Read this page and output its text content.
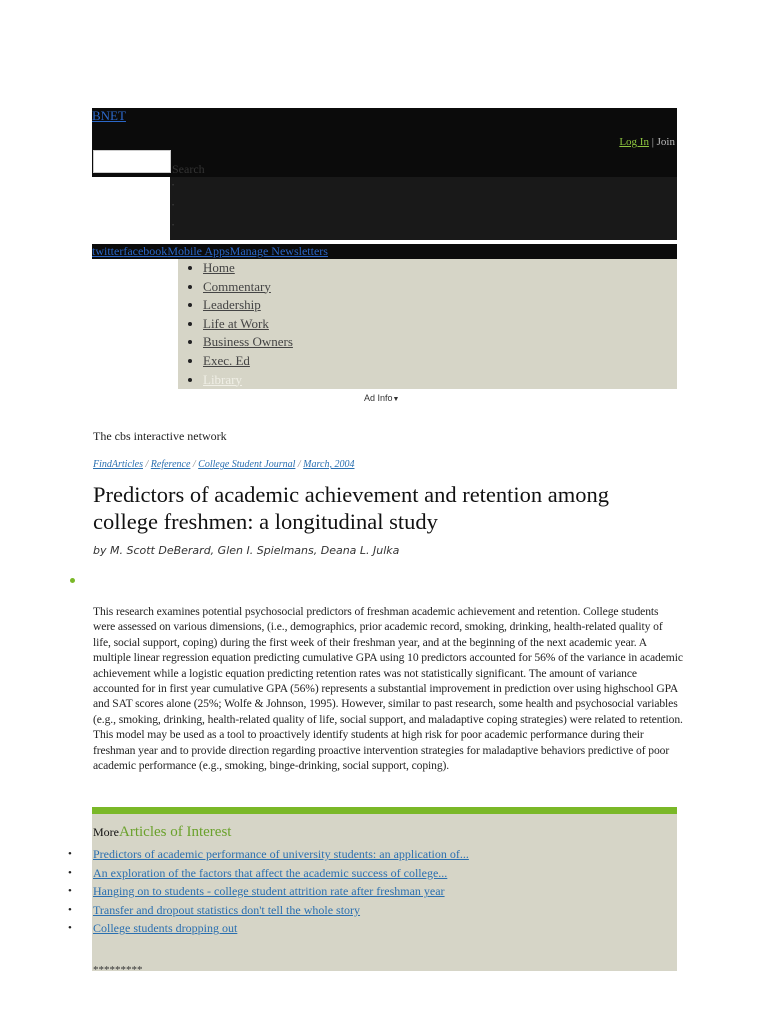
BNET
Log In | Join
Search
•
•
•
twitterfacebookMobile AppsManage Newsletters
• Home
• Commentary
• Leadership
• Life at Work
• Business Owners
• Exec. Ed
• Library
Ad Info▼
The cbs interactive network
FindArticles / Reference / College Student Journal / March, 2004
Predictors of academic achievement and retention among college freshmen: a longitudinal study
by M. Scott DeBerard, Glen I. Spielmans, Deana L. Julka

This research examines potential psychosocial predictors of freshman academic achievement and retention. College students were assessed on various dimensions, (i.e., demographics, prior academic record, smoking, drinking, health-related quality of life, social support, coping) during the first week of their freshman year, and at the beginning of the next academic year. A multiple linear regression equation predicting cumulative GPA using 10 predictors accounted for 56% of the variance in academic achievement while a logistic equation predicting retention rates was not statistically significant. The amount of variance accounted for in first year cumulative GPA (56%) represents a substantial improvement in prediction over using highschool GPA and SAT scores alone (25%; Wolfe & Johnson, 1995). However, similar to past research, some health and psychosocial variables (e.g., smoking, drinking, health-related quality of life, social support, and maladaptive coping strategies) were related to retention. This model may be used as a tool to proactively identify students at high risk for poor academic performance during their freshman year and to provide direction regarding proactive intervention strategies for maladaptive behaviors predictive of poor academic performance (e.g., smoking, binge-drinking, social support, coping).

MoreArticles of Interest
• Predictors of academic performance of university students: an application of...
• An exploration of the factors that affect the academic success of college...
• Hanging on to students - college student attrition rate after freshman year
• Transfer and dropout statistics don't tell the whole story
• College students dropping out
*********
